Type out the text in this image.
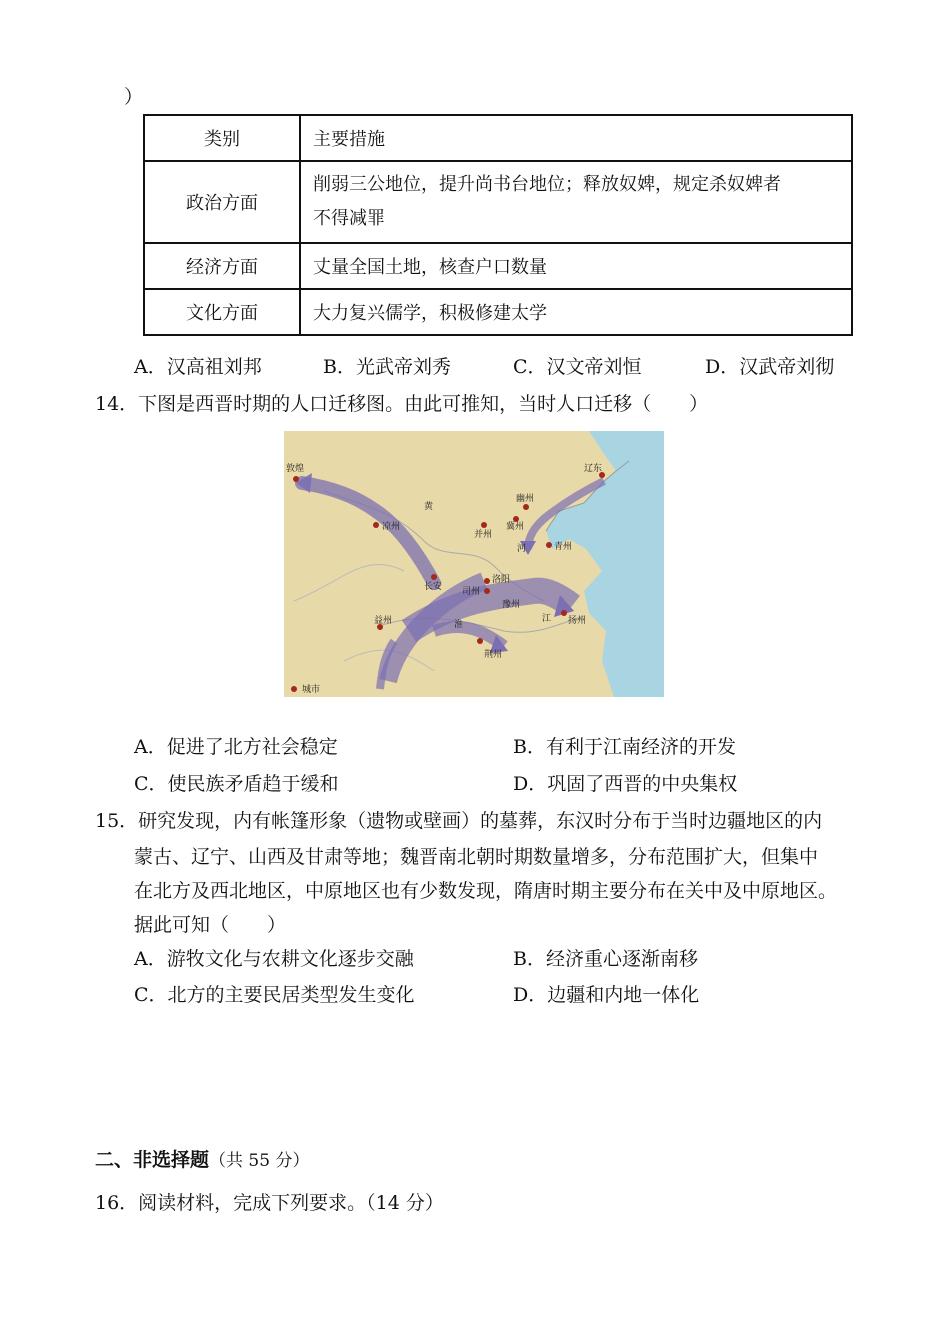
）
类别	主要措施
政治方面	削弱三公地位，提升尚书台地位；释放奴婢，规定杀奴婢者
不得减罪

经济方面	丈量全国土地，核查户口数量
文化方面	大力复兴儒学，积极修建太学
A．汉高祖刘邦	B．光武帝刘秀	C．汉文帝刘恒	D．汉武帝刘彻
14．下图是西晋时期的人口迁移图。由此可推知，当时人口迁移（　　）
敦煌
凉州
长安
洛阳
司州
豫州
扬州
荆州
益州
幽州
冀州
并州
青州
辽东
河
江
淮
黄
城市
A．促进了北方社会稳定	B．有利于江南经济的开发
C．使民族矛盾趋于缓和	D．巩固了西晋的中央集权
15．研究发现，内有帐篷形象（遗物或壁画）的墓葬，东汉时分布于当时边疆地区的内
蒙古、辽宁、山西及甘肃等地；魏晋南北朝时期数量增多，分布范围扩大，但集中
在北方及西北地区，中原地区也有少数发现，隋唐时期主要分布在关中及中原地区。
据此可知（　　）
A．游牧文化与农耕文化逐步交融	B．经济重心逐渐南移
C．北方的主要民居类型发生变化	D．边疆和内地一体化
二、非选择题（共 55 分）
16．阅读材料，完成下列要求。（14 分）
